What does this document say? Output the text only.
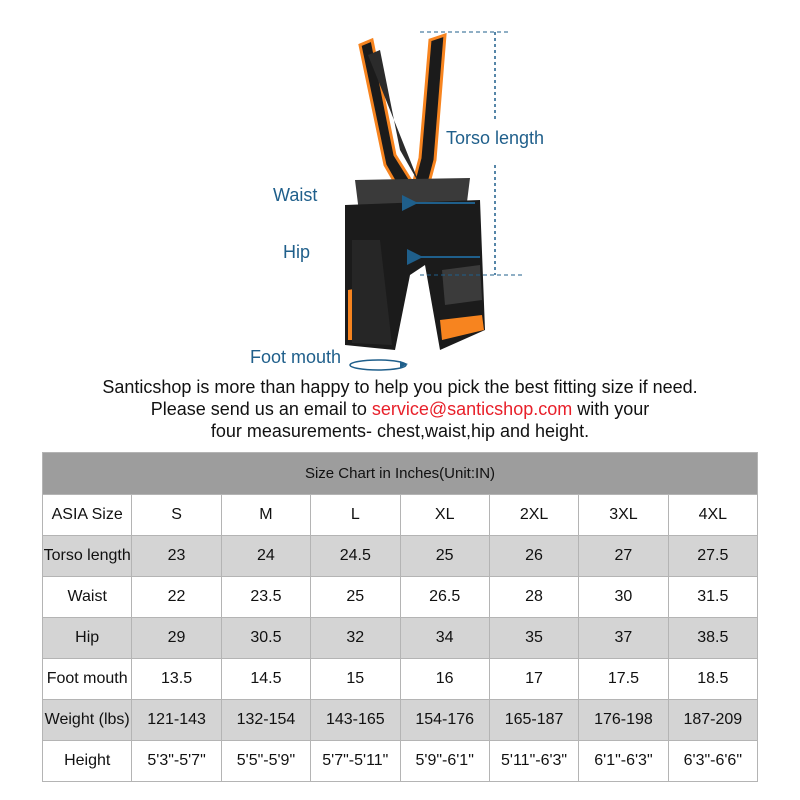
Torso length
Waist
Hip
Foot mouth
Santicshop is more than happy to help you pick the best fitting size if need.
Please send us an email to service@santicshop.com with your
four measurements- chest,waist,hip and height.
Size Chart in Inches(Unit:IN)							
ASIA Size	S	M	L	XL	2XL	3XL	4XL
Torso length	23	24	24.5	25	26	27	27.5
Waist	22	23.5	25	26.5	28	30	31.5
Hip	29	30.5	32	34	35	37	38.5
Foot mouth	13.5	14.5	15	16	17	17.5	18.5
Weight (lbs)	121-143	132-154	143-165	154-176	165-187	176-198	187-209
Height	5'3"-5'7"	5'5"-5'9"	5'7"-5'11"	5'9"-6'1"	5'11"-6'3"	6'1"-6'3"	6'3"-6'6"
